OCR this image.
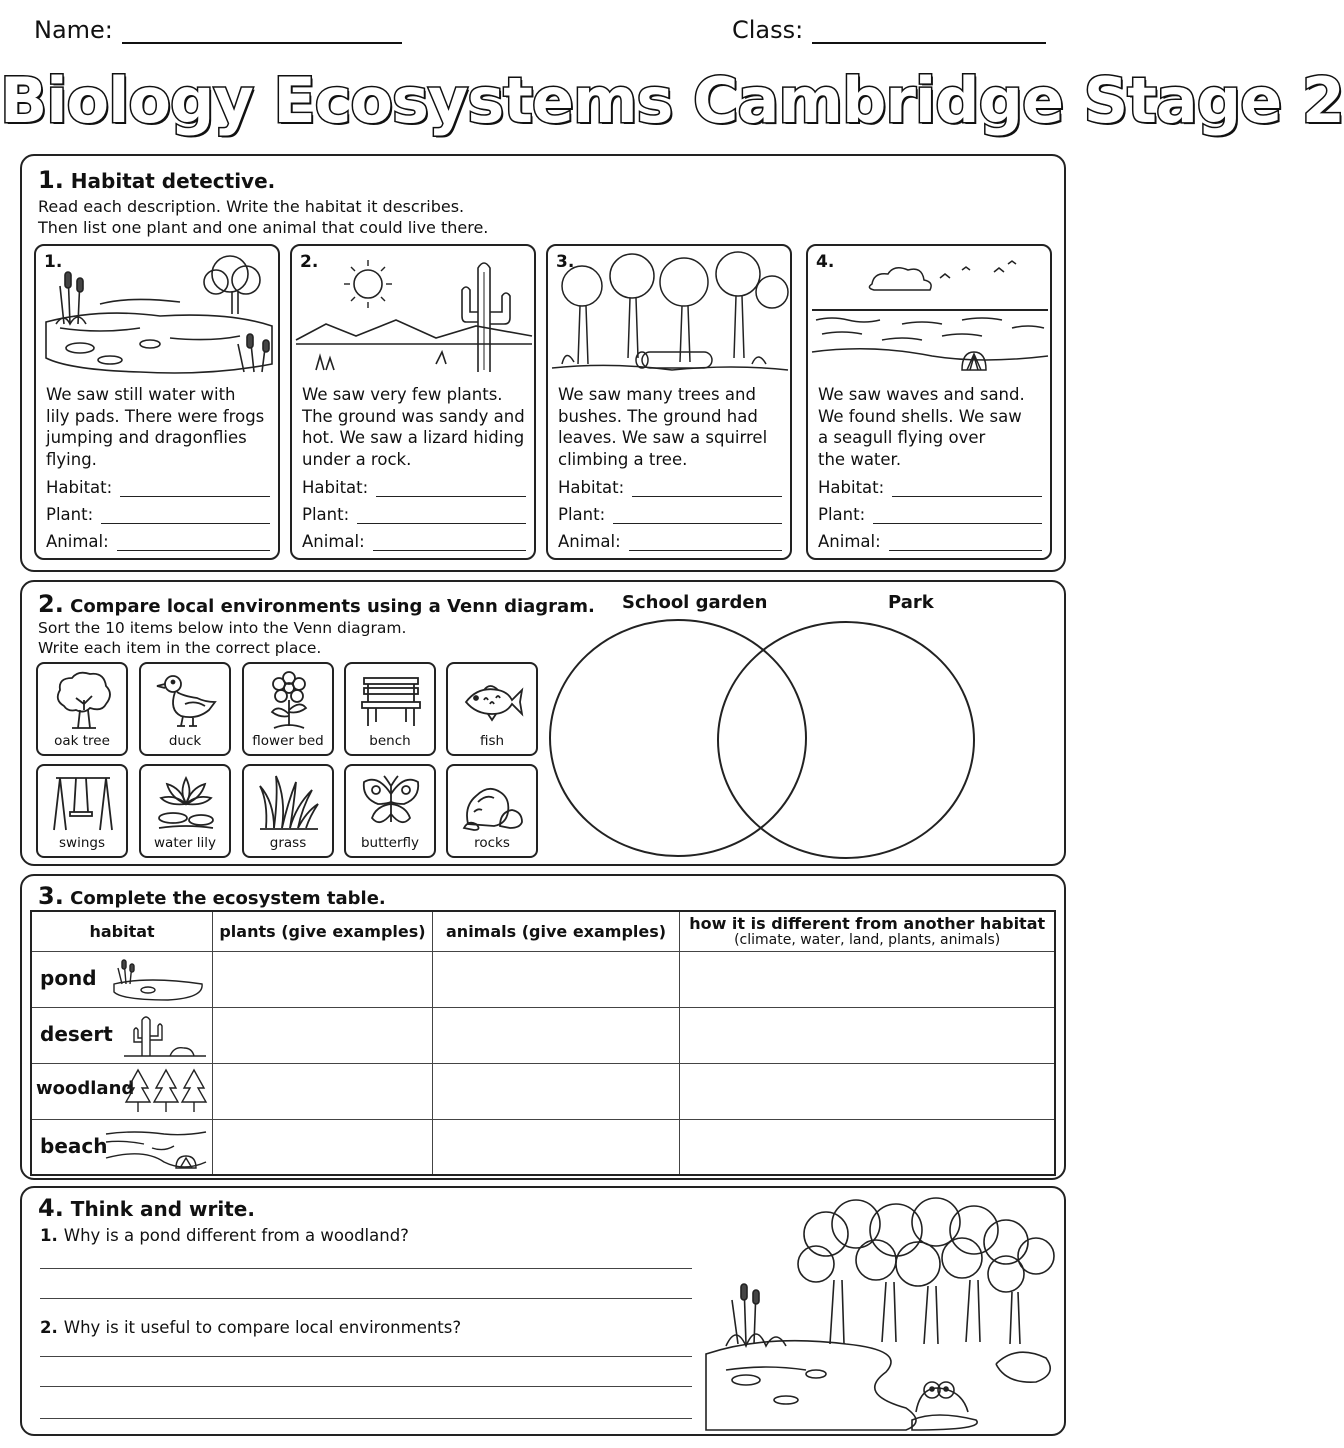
Name:	Class:
Biology Ecosystems Cambridge Stage 2
1. Habitat detective.
Read each description. Write the habitat it describes.
Then list one plant and one animal that could live there.
1.
We saw still water with
lily pads. There were frogs
jumping and dragonflies
flying.
Habitat:
Plant:
Animal:
2.
We saw very few plants.
The ground was sandy and
hot. We saw a lizard hiding
under a rock.
Habitat:
Plant:
Animal:
3.
We saw many trees and
bushes. The ground had
leaves. We saw a squirrel
climbing a tree.
Habitat:
Plant:
Animal:
4.
We saw waves and sand.
We found shells. We saw
a seagull flying over
the water.
Habitat:
Plant:
Animal:
2. Compare local environments using a Venn diagram.
Sort the 10 items below into the Venn diagram.
Write each item in the correct place.
oak tree	duck	flower bed	bench	fish
swings	water lily	grass	butterfly	rocks
School garden	Park
3. Complete the ecosystem table.
habitat	plants (give examples)	animals (give examples)	how it is different from another habitat
(climate, water, land, plants, animals)

pond			

desert			

woodland			

beach			

4. Think and write.
1. Why is a pond different from a woodland?
2. Why is it useful to compare local environments?
